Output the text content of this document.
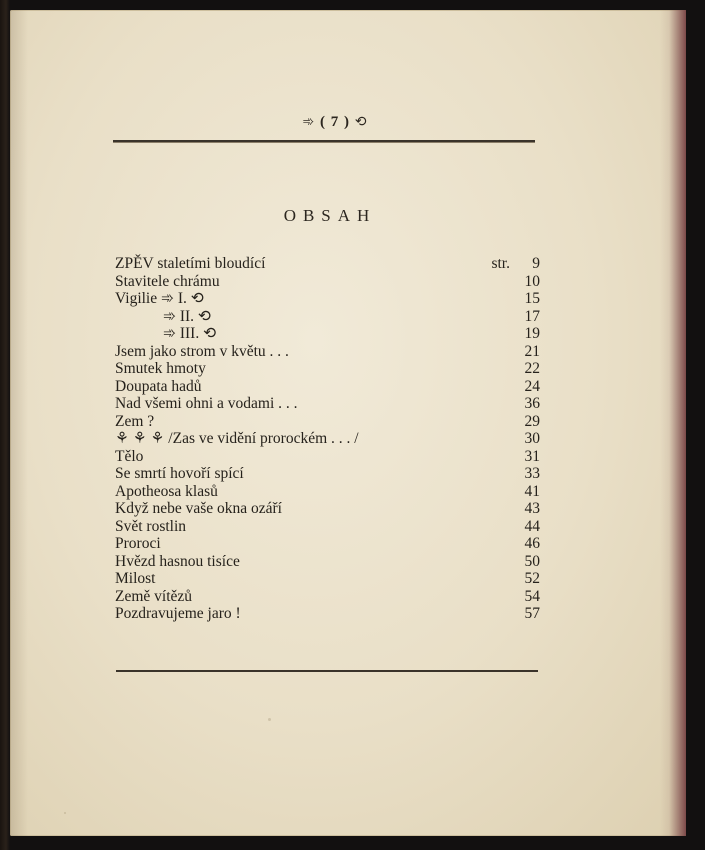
➾ ( 7 ) ⟲
OBSAH
ZPĚV staletími bloudící	str. 9
Stavitele chrámu	10
Vigilie ➾ I. ⟲	15
➾ II. ⟲	17
➾ III. ⟲	19
Jsem jako strom v květu . . .	21
Smutek hmoty	22
Doupata hadů	24
Nad všemi ohni a vodami . . .	36
Zem ?	29
⚘ ⚘ ⚘ /Zas ve vidění prorockém . . . /	30
Tělo	31
Se smrtí hovoří spící	33
Apotheosa klasů	41
Když nebe vaše okna ozáří	43
Svět rostlin	44
Proroci	46
Hvězd hasnou tisíce	50
Milost	52
Země vítězů	54
Pozdravujeme jaro !	57
